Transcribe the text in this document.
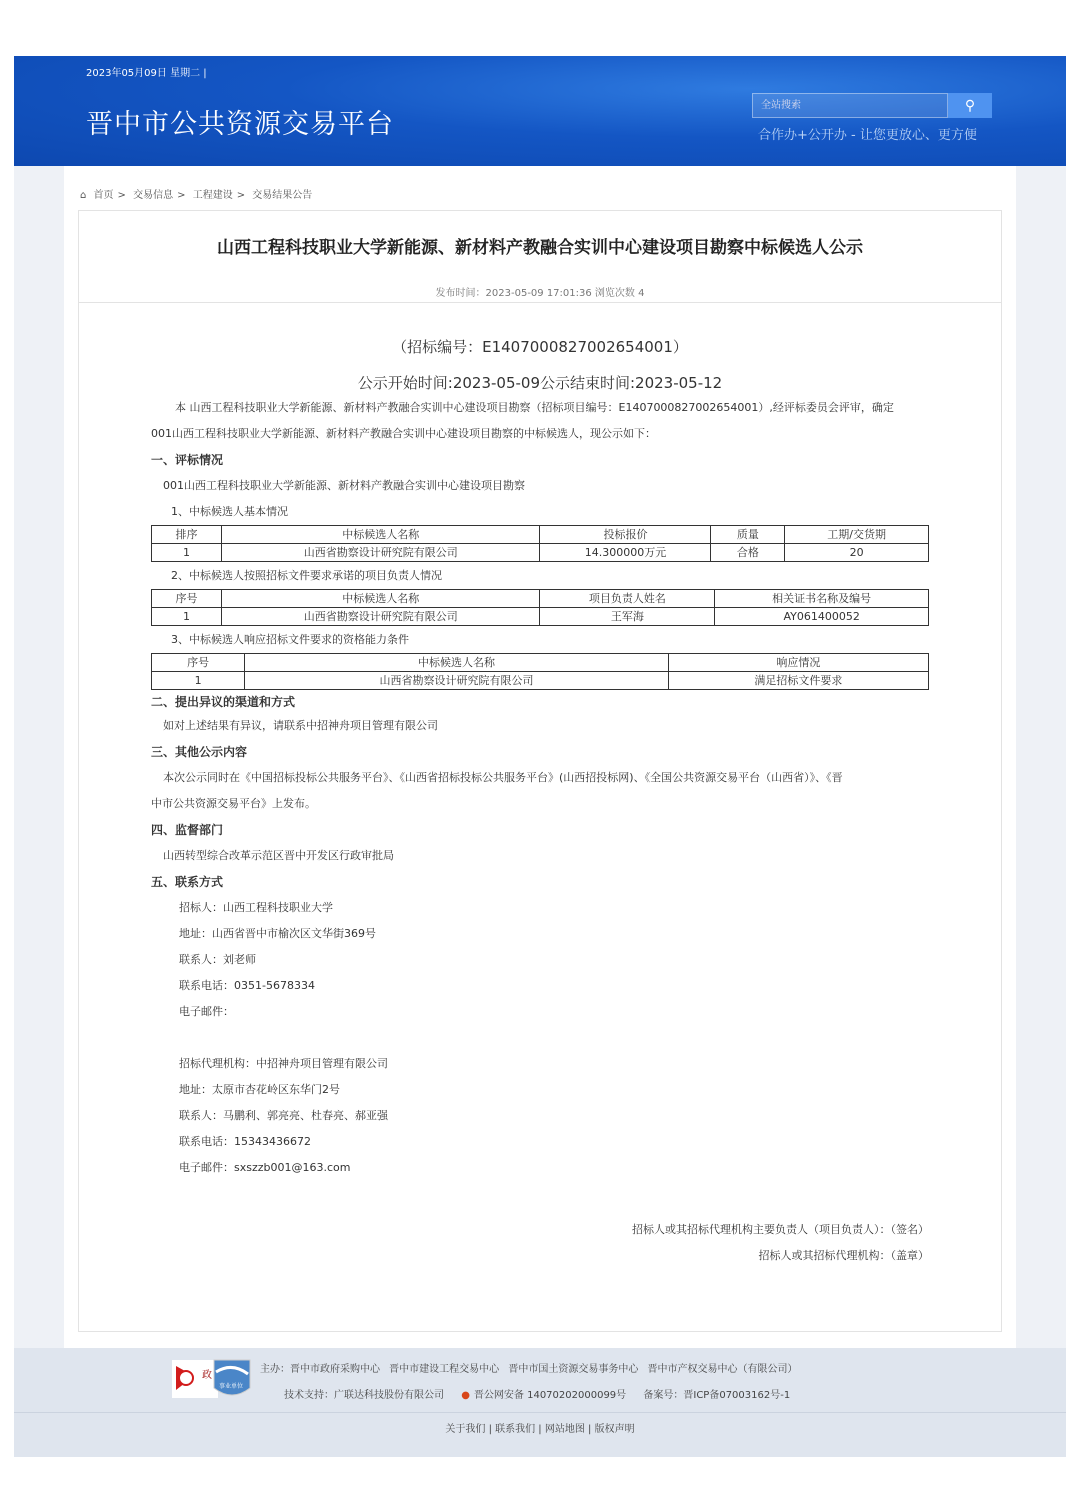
2023年05月09日 星期二 |
晋中市公共资源交易平台
全站搜索
⚲
合作办+公开办 - 让您更放心、更方便
⌂ 首页 > 交易信息 > 工程建设 > 交易结果公告
山西工程科技职业大学新能源、新材料产教融合实训中心建设项目勘察中标候选人公示
发布时间：2023-05-09 17:01:36 浏览次数 4
（招标编号：E1407000827002654001）
公示开始时间:2023-05-09公示结束时间:2023-05-12
本 山西工程科技职业大学新能源、新材料产教融合实训中心建设项目勘察（招标项目编号：E1407000827002654001）,经评标委员会评审，确定
001山西工程科技职业大学新能源、新材料产教融合实训中心建设项目勘察的中标候选人，现公示如下：
一、评标情况
001山西工程科技职业大学新能源、新材料产教融合实训中心建设项目勘察
1、中标候选人基本情况
排序	中标候选人名称	投标报价	质量	工期/交货期
1	山西省勘察设计研究院有限公司	14.300000万元	合格	20
2、中标候选人按照招标文件要求承诺的项目负责人情况
序号	中标候选人名称	项目负责人姓名	相关证书名称及编号
1	山西省勘察设计研究院有限公司	王军海	AY061400052
3、中标候选人响应招标文件要求的资格能力条件
序号	中标候选人名称	响应情况
1	山西省勘察设计研究院有限公司	满足招标文件要求
二、提出异议的渠道和方式
如对上述结果有异议，请联系中招神舟项目管理有限公司
三、其他公示内容
本次公示同时在《中国招标投标公共服务平台》、《山西省招标投标公共服务平台》(山西招投标网)、《全国公共资源交易平台（山西省）》、《晋
中市公共资源交易平台》上发布。
四、监督部门
山西转型综合改革示范区晋中开发区行政审批局
五、联系方式
招标人：山西工程科技职业大学
地址：山西省晋中市榆次区文华街369号
联系人：刘老师
联系电话：0351-5678334
电子邮件：
招标代理机构：中招神舟项目管理有限公司
地址：太原市杏花岭区东华门2号
联系人：马鹏利、郭亮亮、杜春亮、郝亚强
联系电话：15343436672
电子邮件：sxszzb001@163.com
招标人或其招标代理机构主要负责人（项目负责人）：（签名）
招标人或其招标代理机构：（盖章）
政
事业单位
主办：晋中市政府采购中心 晋中市建设工程交易中心 晋中市国土资源交易事务中心 晋中市产权交易中心（有限公司）
技术支持：广联达科技股份有限公司 ● 晋公网安备 14070202000099号 备案号：晋ICP备07003162号-1
关于我们 | 联系我们 | 网站地图 | 版权声明
